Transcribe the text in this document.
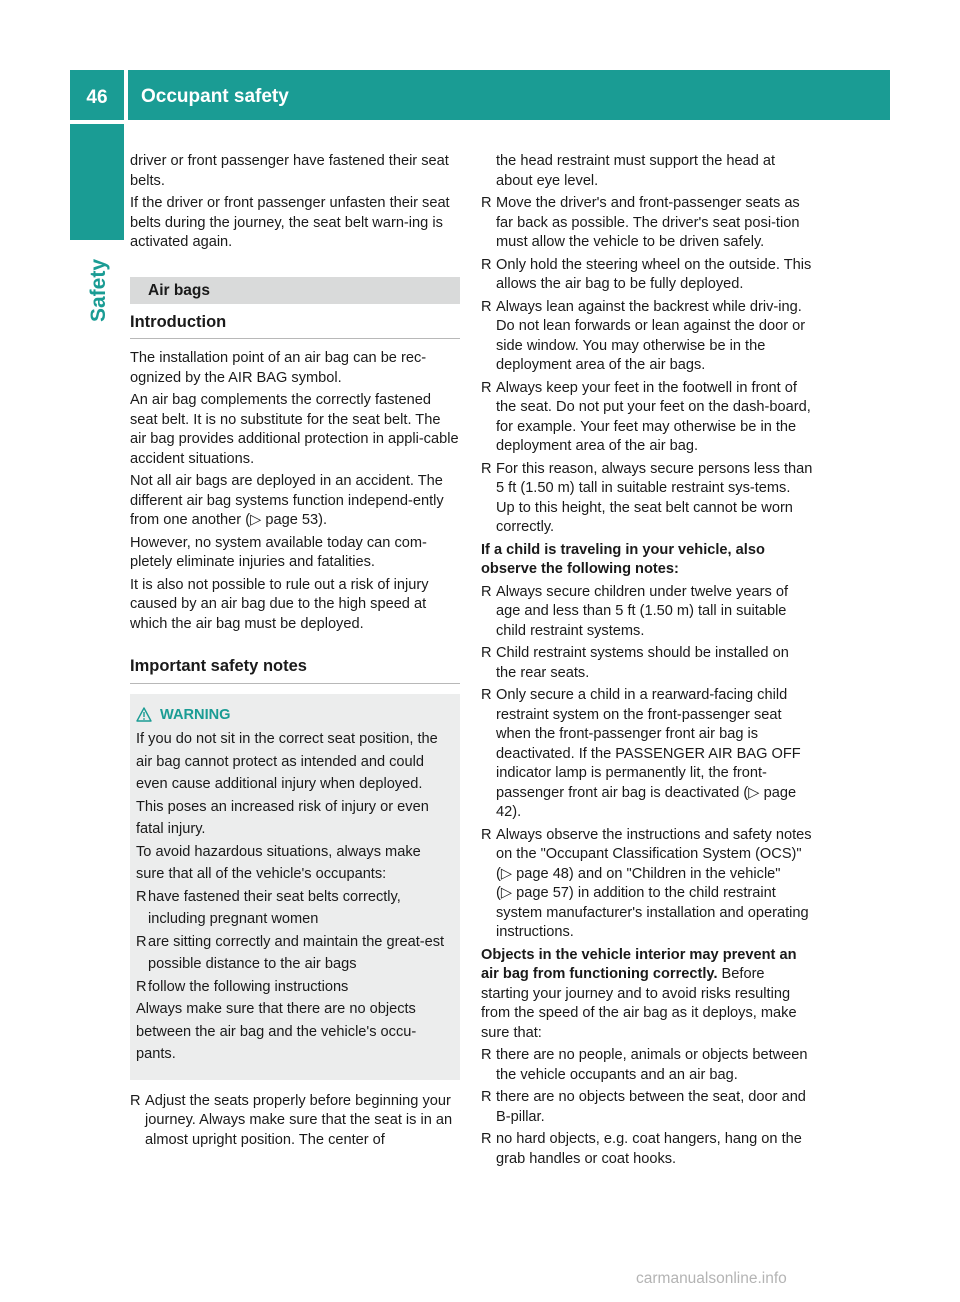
46	Occupant safety
Safety

driver or front passenger have fastened their seat belts.

If the driver or front passenger unfasten their seat belts during the journey, the seat belt warn-ing is activated again.

Air bags
Introduction

The installation point of an air bag can be rec-ognized by the AIR BAG symbol.

An air bag complements the correctly fastened seat belt. It is no substitute for the seat belt. The air bag provides additional protection in appli-cable accident situations.

Not all air bags are deployed in an accident. The different air bag systems function independ-ently from one another (▷ page 53).

However, no system available today can com-pletely eliminate injuries and fatalities.

It is also not possible to rule out a risk of injury caused by an air bag due to the high speed at which the air bag must be deployed.

Important safety notes
WARNING

If you do not sit in the correct seat position, the air bag cannot protect as intended and could even cause additional injury when deployed. This poses an increased risk of injury or even fatal injury.

To avoid hazardous situations, always make sure that all of the vehicle's occupants:

R have fastened their seat belts correctly, including pregnant women
R are sitting correctly and maintain the great-est possible distance to the air bags
R follow the following instructions

Always make sure that there are no objects between the air bag and the vehicle's occu-pants.

R Adjust the seats properly before beginning your journey. Always make sure that the seat is in an almost upright position. The center of
the head restraint must support the head at about eye level.
R Move the driver's and front-passenger seats as far back as possible. The driver's seat posi-tion must allow the vehicle to be driven safely.
R Only hold the steering wheel on the outside. This allows the air bag to be fully deployed.
R Always lean against the backrest while driv-ing. Do not lean forwards or lean against the door or side window. You may otherwise be in the deployment area of the air bags.
R Always keep your feet in the footwell in front of the seat. Do not put your feet on the dash-board, for example. Your feet may otherwise be in the deployment area of the air bag.
R For this reason, always secure persons less than 5 ft (1.50 m) tall in suitable restraint sys-tems. Up to this height, the seat belt cannot be worn correctly.

If a child is traveling in your vehicle, also observe the following notes:

R Always secure children under twelve years of age and less than 5 ft (1.50 m) tall in suitable child restraint systems.
R Child restraint systems should be installed on the rear seats.
R Only secure a child in a rearward-facing child restraint system on the front-passenger seat when the front-passenger front air bag is deactivated. If the PASSENGER AIR BAG OFF indicator lamp is permanently lit, the front-passenger front air bag is deactivated (▷ page 42).
R Always observe the instructions and safety notes on the "Occupant Classification System (OCS)" (▷ page 48) and on "Children in the vehicle" (▷ page 57) in addition to the child restraint system manufacturer's installation and operating instructions.

Objects in the vehicle interior may prevent an air bag from functioning correctly. Before starting your journey and to avoid risks resulting from the speed of the air bag as it deploys, make sure that:

R there are no people, animals or objects between the vehicle occupants and an air bag.
R there are no objects between the seat, door and B-pillar.
R no hard objects, e.g. coat hangers, hang on the grab handles or coat hooks.
carmanualsonline.info
